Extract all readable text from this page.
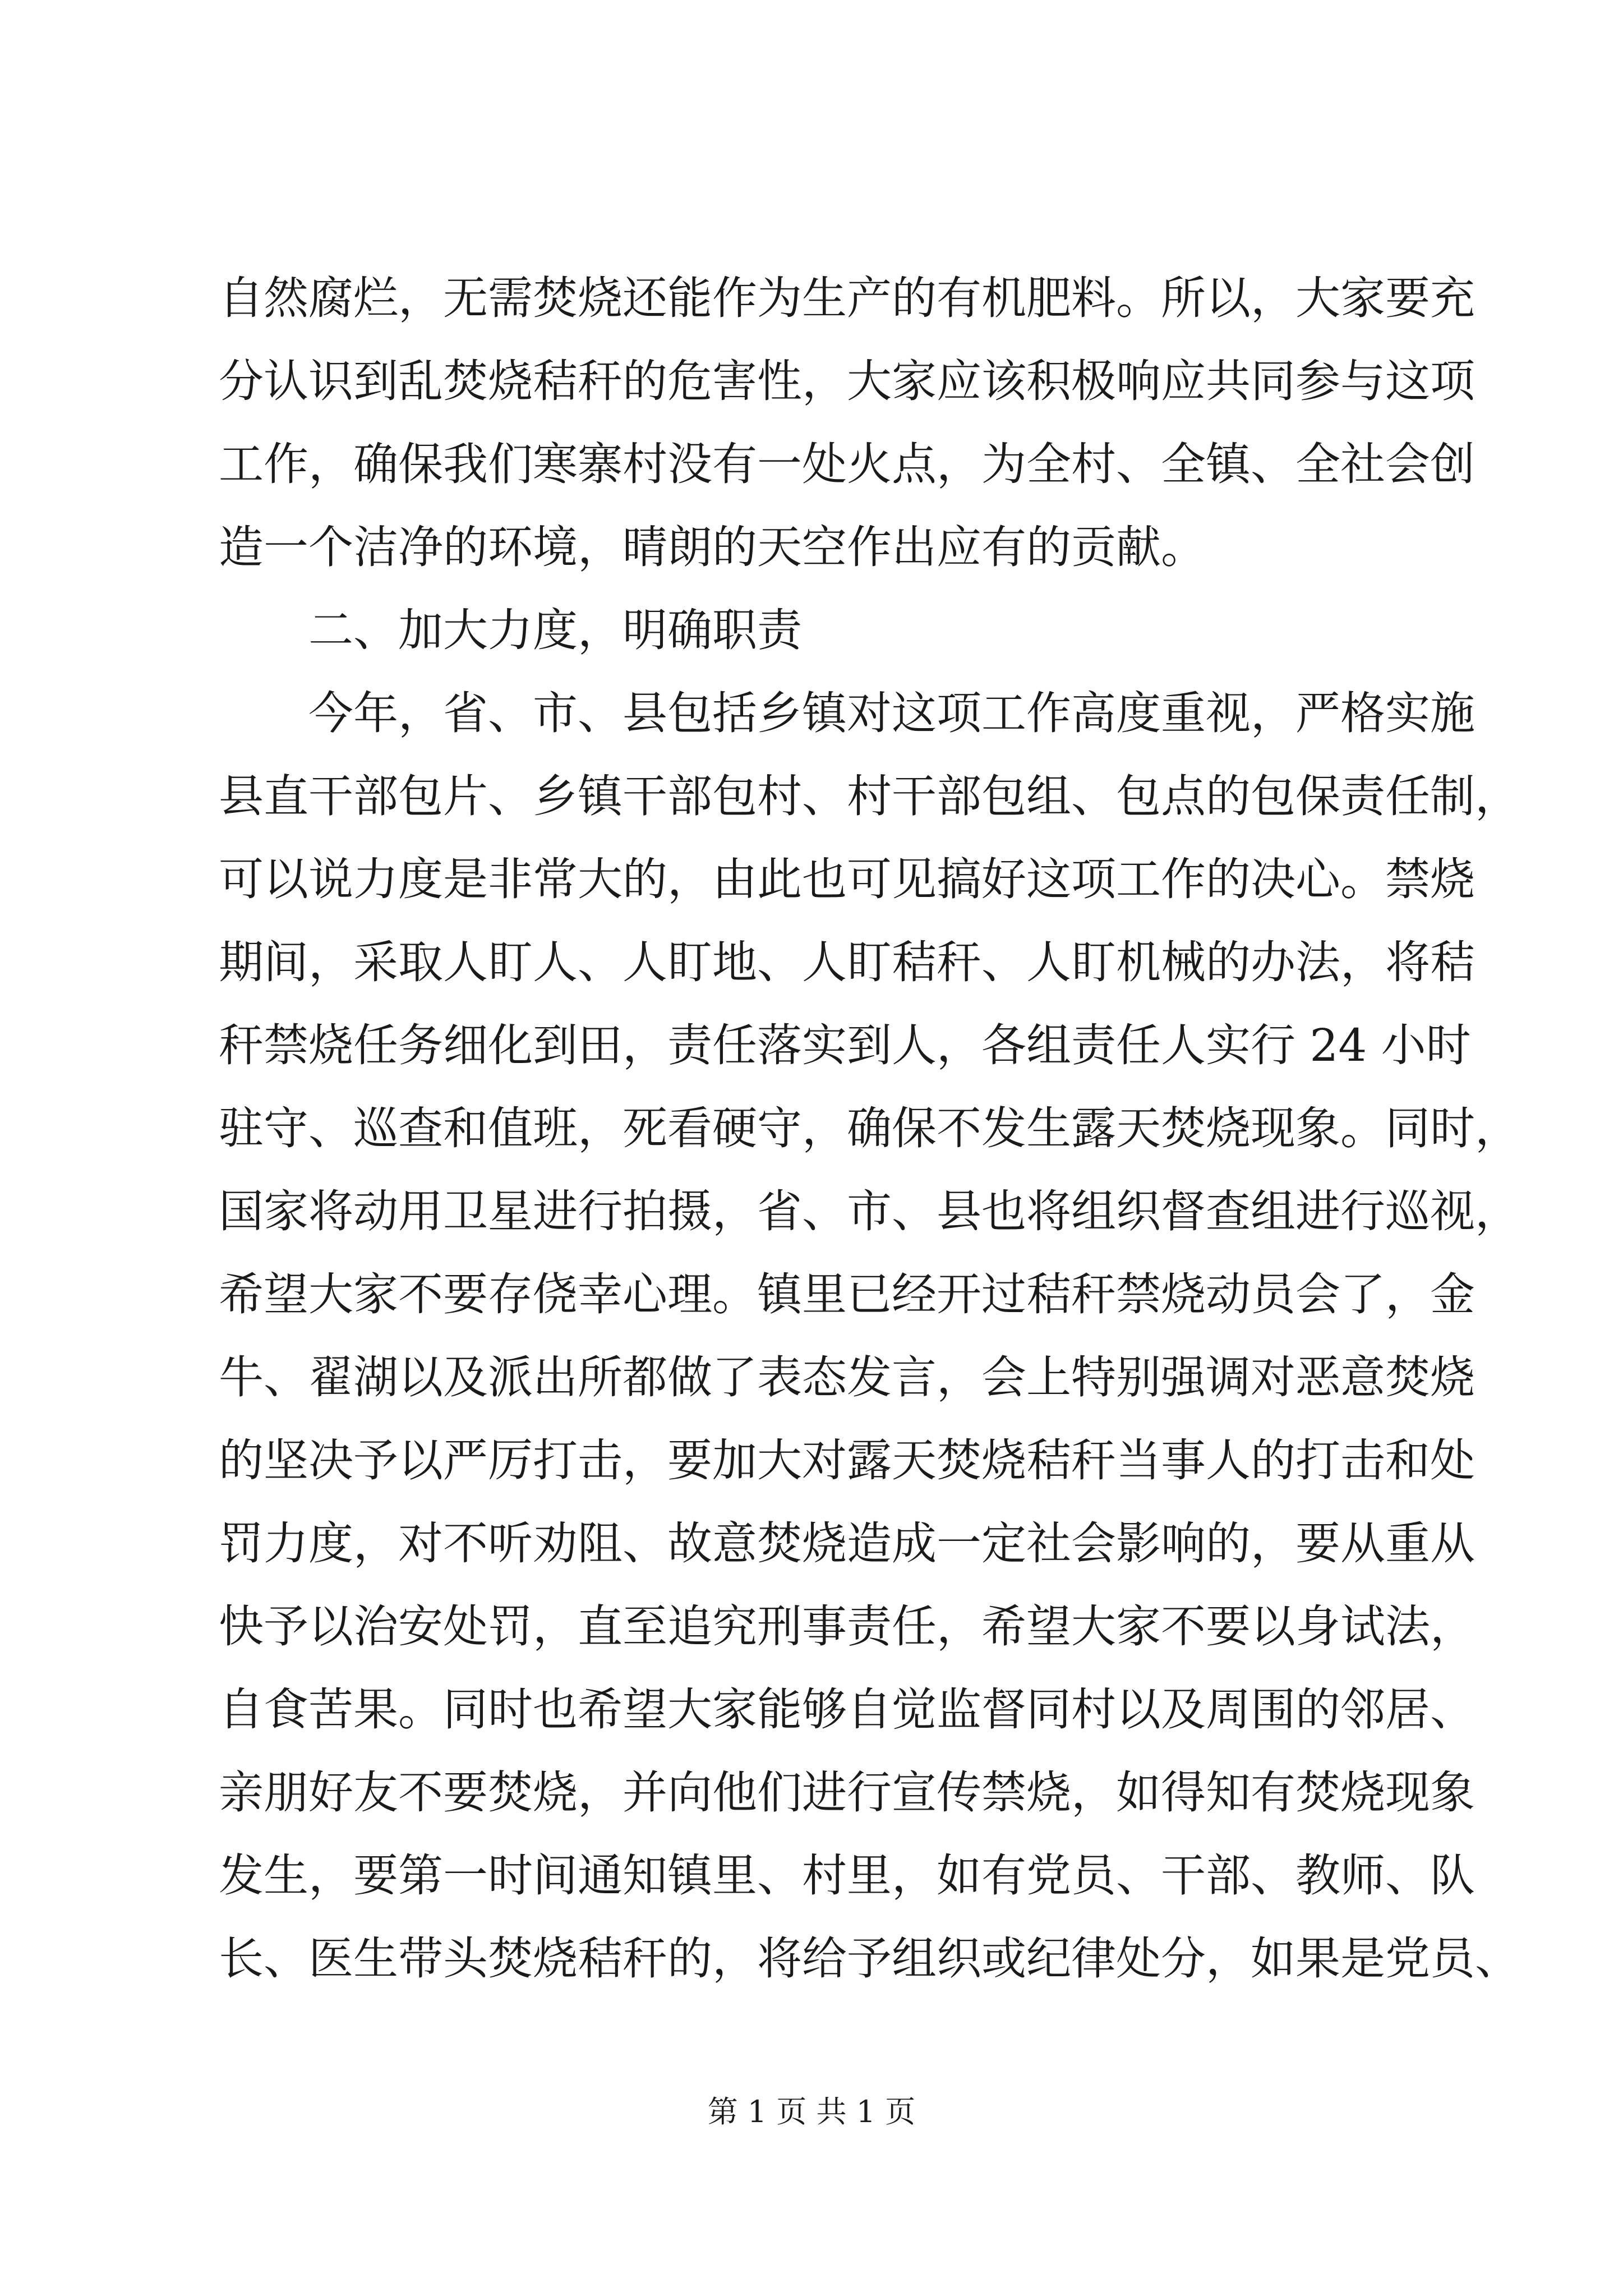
自然腐烂，无需焚烧还能作为生产的有机肥料。所以，大家要充
分认识到乱焚烧秸秆的危害性，大家应该积极响应共同参与这项
工作，确保我们寒寨村没有一处火点，为全村、全镇、全社会创
造一个洁净的环境，晴朗的天空作出应有的贡献。
二、加大力度，明确职责
今年，省、市、县包括乡镇对这项工作高度重视，严格实施
县直干部包片、乡镇干部包村、村干部包组、包点的包保责任制，
可以说力度是非常大的，由此也可见搞好这项工作的决心。禁烧
期间，采取人盯人、人盯地、人盯秸秆、人盯机械的办法，将秸
秆禁烧任务细化到田，责任落实到人，各组责任人实行 24 小时
驻守、巡查和值班，死看硬守，确保不发生露天焚烧现象。同时，
国家将动用卫星进行拍摄，省、市、县也将组织督查组进行巡视，
希望大家不要存侥幸心理。镇里已经开过秸秆禁烧动员会了，金
牛、翟湖以及派出所都做了表态发言，会上特别强调对恶意焚烧
的坚决予以严厉打击，要加大对露天焚烧秸秆当事人的打击和处
罚力度，对不听劝阻、故意焚烧造成一定社会影响的，要从重从
快予以治安处罚，直至追究刑事责任，希望大家不要以身试法，
自食苦果。同时也希望大家能够自觉监督同村以及周围的邻居、
亲朋好友不要焚烧，并向他们进行宣传禁烧，如得知有焚烧现象
发生，要第一时间通知镇里、村里，如有党员、干部、教师、队
长、医生带头焚烧秸秆的，将给予组织或纪律处分，如果是党员、
第 1 页 共 1 页
